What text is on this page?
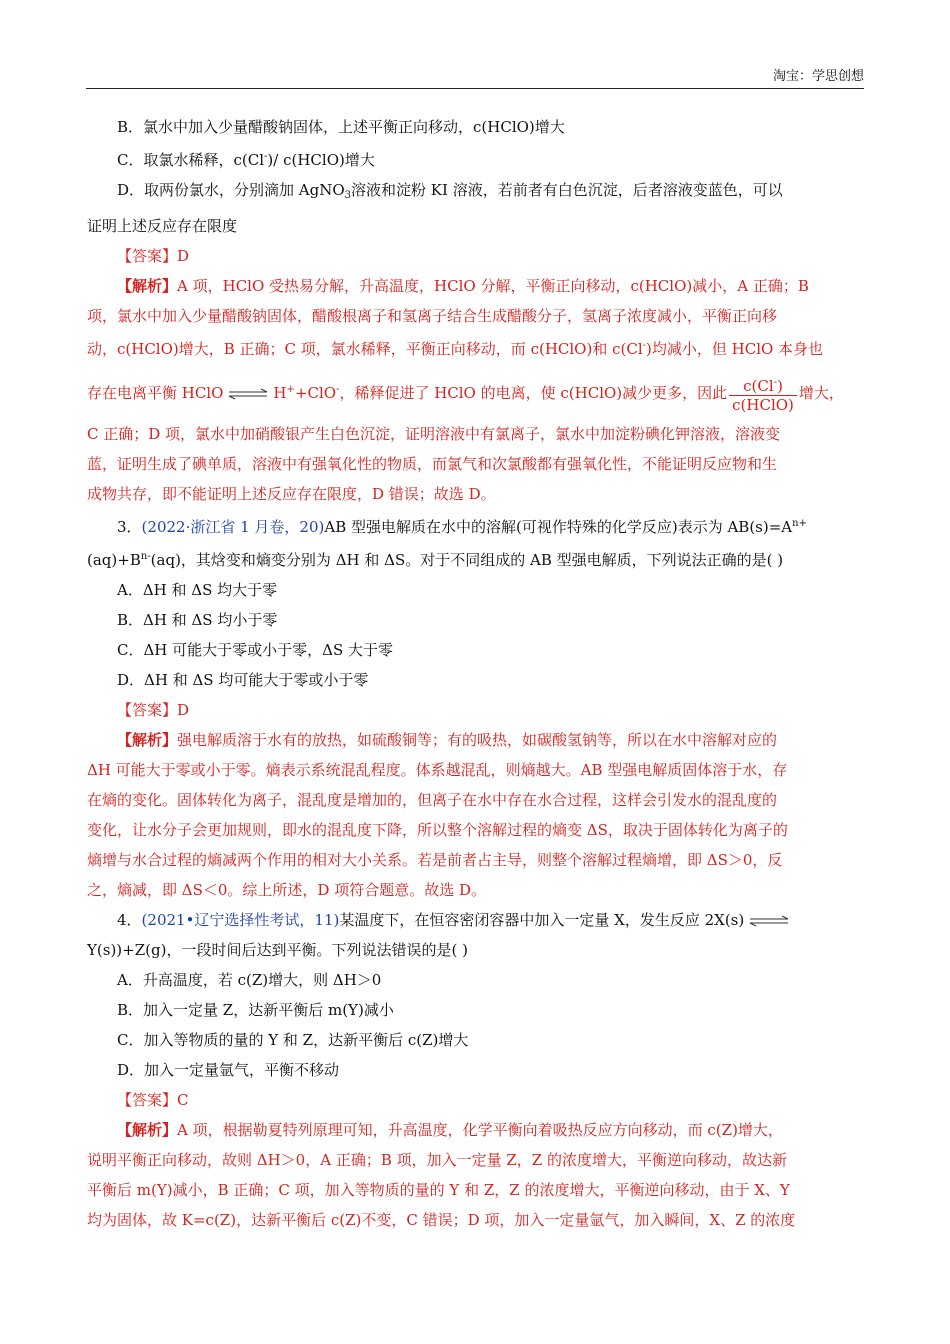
淘宝：学思创想

B．氯水中加入少量醋酸钠固体，上述平衡正向移动，c(HClO)增大

C．取氯水稀释，c(Cl-)/ c(HClO)增大

D．取两份氯水，分别滴加 AgNO$_3$溶液和淀粉 KI 溶液，若前者有白色沉淀，后者溶液变蓝色，可以

证明上述反应存在限度

【答案】D

【解析】A 项，HClO 受热易分解，升高温度，HClO 分解，平衡正向移动，c(HClO)减小，A 正确；B

项，氯水中加入少量醋酸钠固体，醋酸根离子和氢离子结合生成醋酸分子，氢离子浓度减小，平衡正向移

动，c(HClO)增大，B 正确；C 项，氯水稀释，平衡正向移动，而 c(HClO)和 c(Cl-)均减小，但 HClO 本身也

存在电离平衡 HClO ⇌ H++ClO-，稀释促进了 HClO 的电离，使 c(HClO)减少更多，因此 $\frac{c(Cl^-)}{\text{c(HClO)}}$ 增大，

C 正确；D 项，氯水中加硝酸银产生白色沉淀，证明溶液中有氯离子，氯水中加淀粉碘化钾溶液，溶液变

蓝，证明生成了碘单质，溶液中有强氧化性的物质，而氯气和次氯酸都有强氧化性，不能证明反应物和生

成物共存，即不能证明上述反应存在限度，D 错误；故选 D。

3．(2022·浙江省 1 月卷，20)AB 型强电解质在水中的溶解(可视作特殊的化学反应)表示为 $AB(s)=A^{n+}$

$(aq)+B^{n-}(aq)$，其焓变和熵变分别为 ΔH 和 ΔS。对于不同组成的 AB 型强电解质，下列说法正确的是( )

A．ΔH 和 ΔS 均大于零

B．ΔH 和 ΔS 均小于零

C．ΔH 可能大于零或小于零，ΔS 大于零

D．ΔH 和 ΔS 均可能大于零或小于零

【答案】D

【解析】强电解质溶于水有的放热，如硫酸铜等；有的吸热，如碳酸氢钠等，所以在水中溶解对应的

ΔH 可能大于零或小于零。熵表示系统混乱程度。体系越混乱，则熵越大。AB 型强电解质固体溶于水，存

在熵的变化。固体转化为离子，混乱度是增加的，但离子在水中存在水合过程，这样会引发水的混乱度的

变化，让水分子会更加规则，即水的混乱度下降，所以整个溶解过程的熵变 ΔS，取决于固体转化为离子的

熵增与水合过程的熵减两个作用的相对大小关系。若是前者占主导，则整个溶解过程熵增，即 ΔS＞0，反

之，熵减，即 ΔS＜0。综上所述，D 项符合题意。故选 D。

4．(2021•辽宁选择性考试，11)某温度下，在恒容密闭容器中加入一定量 X，发生反应 2X(s) ⇌

Y(s))+Z(g)，一段时间后达到平衡。下列说法错误的是( )

A．升高温度，若 c(Z)增大，则 ΔH＞0

B．加入一定量 Z，达新平衡后 m(Y)减小

C．加入等物质的量的 Y 和 Z，达新平衡后 c(Z)增大

D．加入一定量氩气，平衡不移动

【答案】C

【解析】A 项，根据勒夏特列原理可知，升高温度，化学平衡向着吸热反应方向移动，而 c(Z)增大，

说明平衡正向移动，故则 ΔH＞0，A 正确；B 项，加入一定量 Z，Z 的浓度增大，平衡逆向移动，故达新

平衡后 m(Y)减小，B 正确；C 项，加入等物质的量的 Y 和 Z，Z 的浓度增大，平衡逆向移动，由于 X、Y

均为固体，故 K=c(Z)，达新平衡后 c(Z)不变，C 错误；D 项，加入一定量氩气，加入瞬间，X、Z 的浓度
